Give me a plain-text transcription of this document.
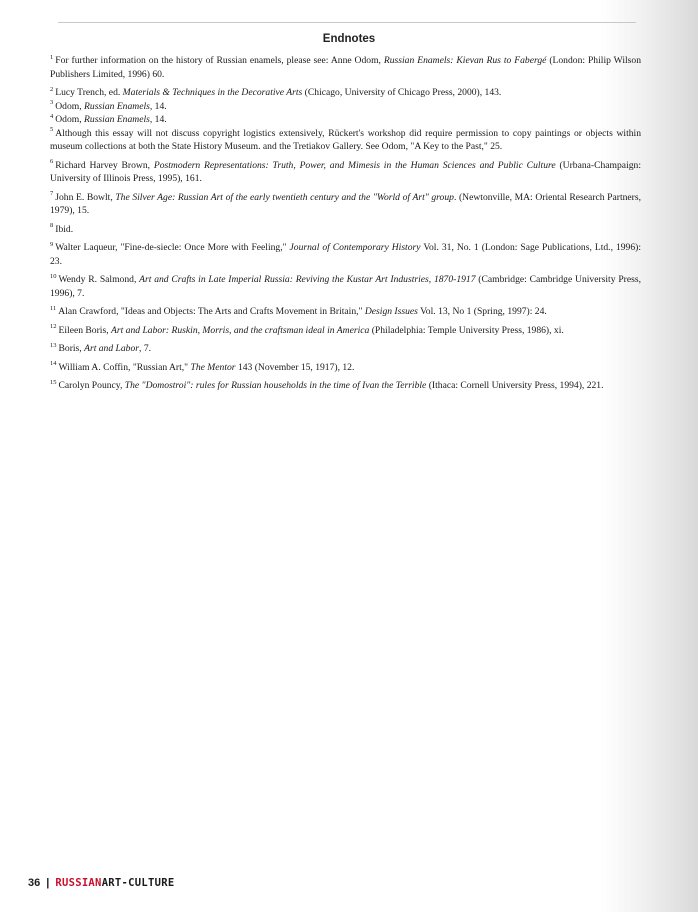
Endnotes

$^1$ For further information on the history of Russian enamels, please see: Anne Odom, Russian Enamels: Kievan Rus to Fabergé (London: Philip Wilson Publishers Limited, 1996) 60.

$^2$ Lucy Trench, ed. Materials & Techniques in the Decorative Arts (Chicago, University of Chicago Press, 2000), 143.

$^3$ Odom, Russian Enamels, 14.

$^4$ Odom, Russian Enamels, 14.

$^5$ Although this essay will not discuss copyright logistics extensively, Rückert's workshop did require permission to copy paintings or objects within museum collections at both the State History Museum. and the Tretiakov Gallery. See Odom, "A Key to the Past," 25.

$^6$ Richard Harvey Brown, Postmodern Representations: Truth, Power, and Mimesis in the Human Sciences and Public Culture (Urbana-Champaign: University of Illinois Press, 1995), 161.

$^7$ John E. Bowlt, The Silver Age: Russian Art of the early twentieth century and the "World of Art" group. (Newtonville, MA: Oriental Research Partners, 1979), 15.

$^8$ Ibid.

$^9$ Walter Laqueur, "Fine-de-siecle: Once More with Feeling," Journal of Contemporary History Vol. 31, No. 1 (London: Sage Publications, Ltd., 1996): 23.

$^{10}$ Wendy R. Salmond, Art and Crafts in Late Imperial Russia: Reviving the Kustar Art Industries, 1870-1917 (Cambridge: Cambridge University Press, 1996), 7.

$^{11}$ Alan Crawford, "Ideas and Objects: The Arts and Crafts Movement in Britain," Design Issues Vol. 13, No 1 (Spring, 1997): 24.

$^{12}$ Eileen Boris, Art and Labor: Ruskin, Morris, and the craftsman ideal in America (Philadelphia: Temple University Press, 1986), xi.

$^{13}$ Boris, Art and Labor, 7.

$^{14}$ William A. Coffin, "Russian Art," The Mentor 143 (November 15, 1917), 12.

$^{15}$ Carolyn Pouncy, The "Domostroi": rules for Russian households in the time of Ivan the Terrible (Ithaca: Cornell University Press, 1994), 221.

36 | RUSSIANART-CULTURE
